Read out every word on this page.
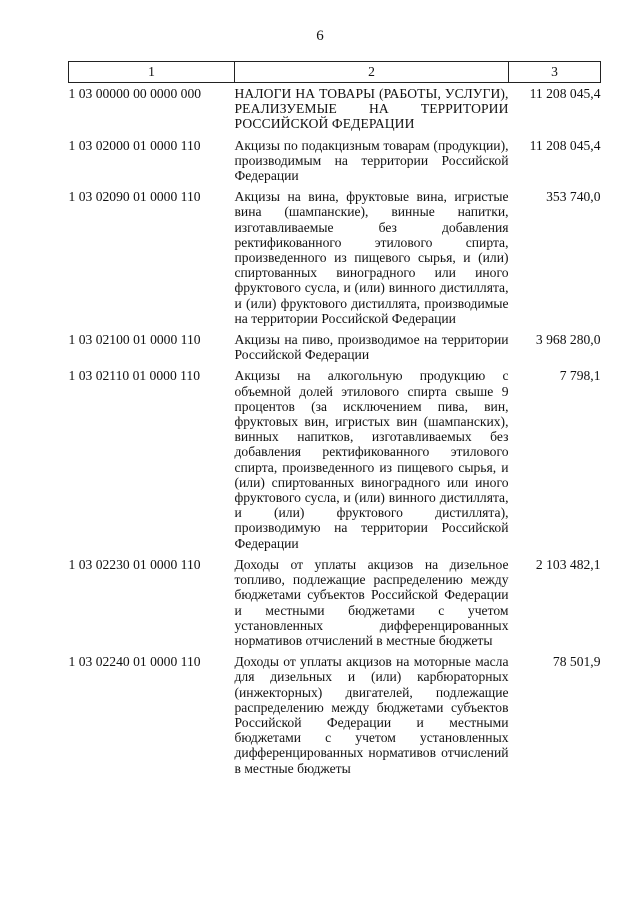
6
1	2	3
1 03 00000 00 0000 000	НАЛОГИ НА ТОВАРЫ (РАБОТЫ, УСЛУГИ), РЕАЛИЗУЕМЫЕ НА ТЕРРИТОРИИ РОССИЙСКОЙ ФЕДЕРАЦИИ	11 208 045,4
1 03 02000 01 0000 110	Акцизы по подакцизным товарам (продукции), производимым на территории Российской Федерации	11 208 045,4
1 03 02090 01 0000 110	Акцизы на вина, фруктовые вина, игристые вина (шампанские), винные напитки, изготавливаемые без добавления ректификованного этилового спирта, произведенного из пищевого сырья, и (или) спиртованных виноградного или иного фруктового сусла, и (или) винного дистиллята, и (или) фруктового дистиллята, производимые на территории Российской Федерации	353 740,0
1 03 02100 01 0000 110	Акцизы на пиво, производимое на территории Российской Федерации	3 968 280,0
1 03 02110 01 0000 110	Акцизы на алкогольную продукцию с объемной долей этилового спирта свыше 9 процентов (за исключением пива, вин, фруктовых вин, игристых вин (шампанских), винных напитков, изготавливаемых без добавления ректификованного этилового спирта, произведенного из пищевого сырья, и (или) спиртованных виноградного или иного фруктового сусла, и (или) винного дистиллята, и (или) фруктового дистиллята), производимую на территории Российской Федерации	7 798,1
1 03 02230 01 0000 110	Доходы от уплаты акцизов на дизельное топливо, подлежащие распределению между бюджетами субъектов Российской Федерации и местными бюджетами с учетом установленных дифференцированных нормативов отчислений в местные бюджеты	2 103 482,1
1 03 02240 01 0000 110	Доходы от уплаты акцизов на моторные масла для дизельных и (или) карбюраторных (инжекторных) двигателей, подлежащие распределению между бюджетами субъектов Российской Федерации и местными бюджетами с учетом установленных дифференцированных нормативов отчислений в местные бюджеты	78 501,9
